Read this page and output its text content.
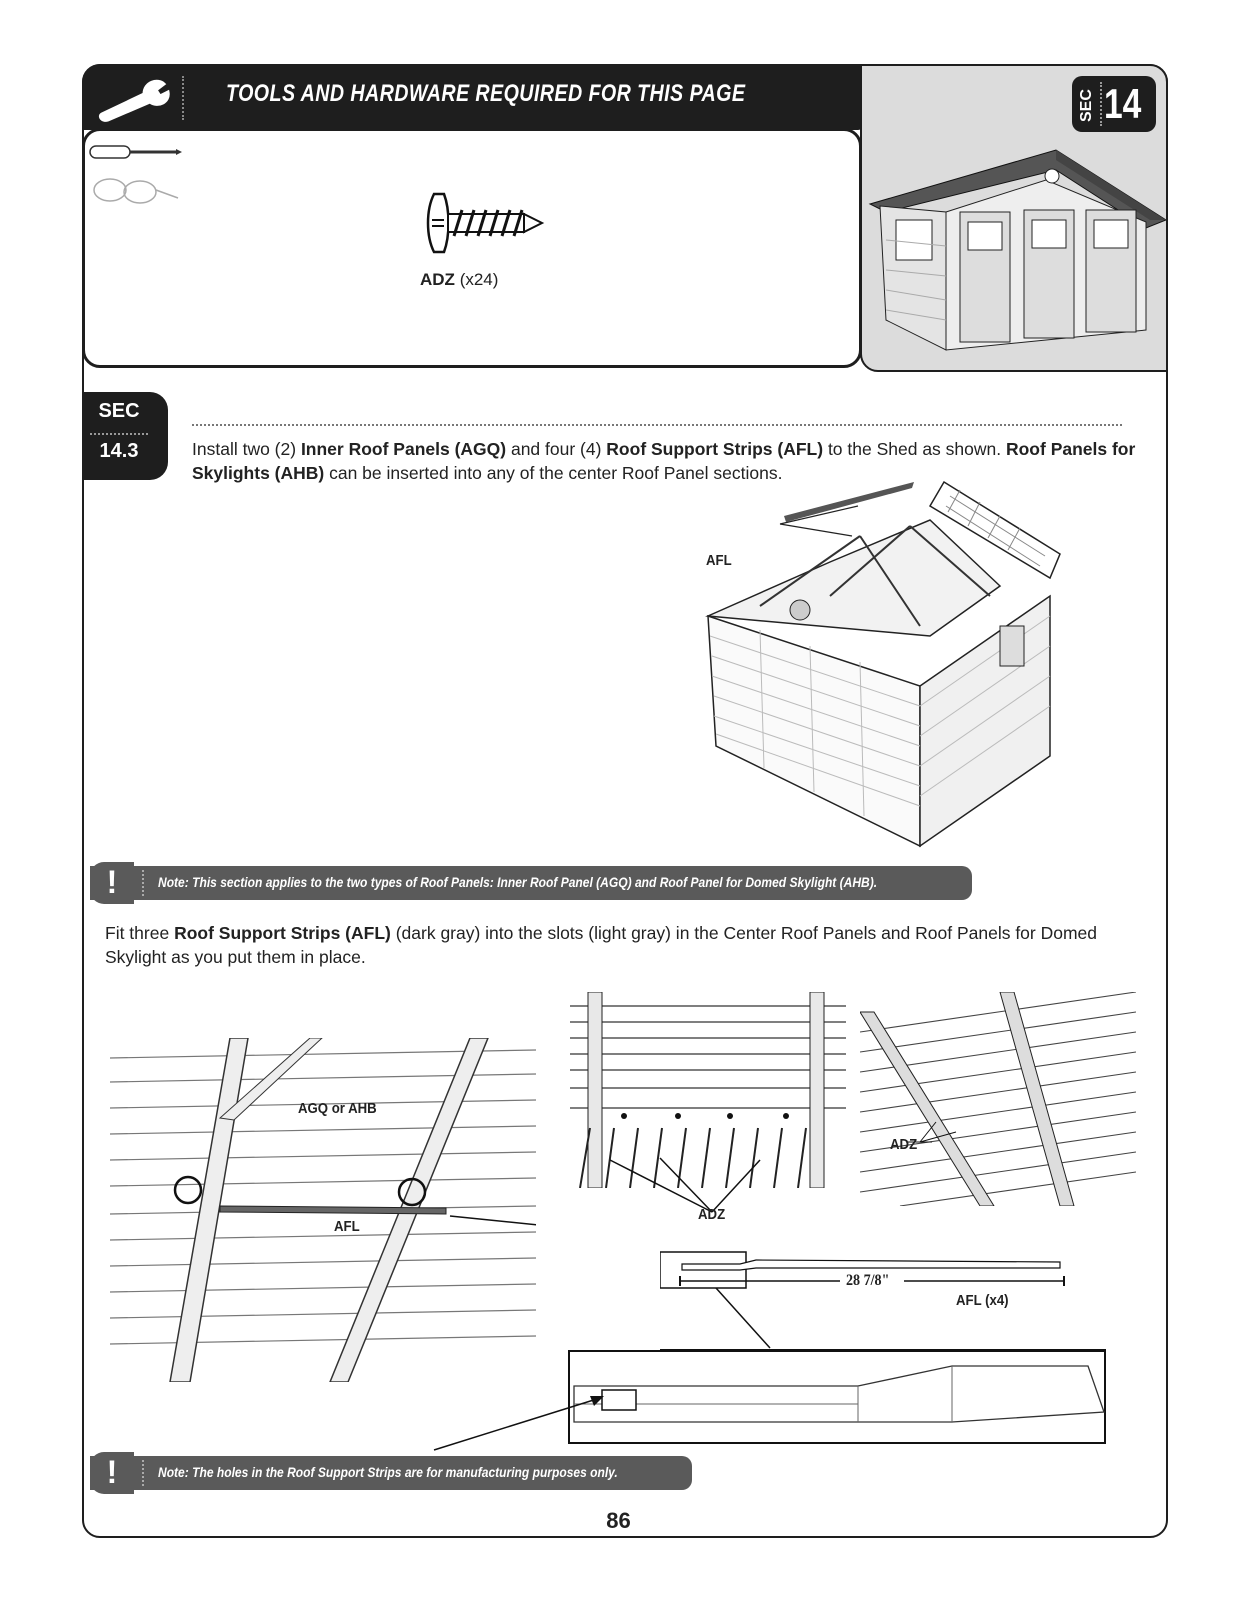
TOOLS AND HARDWARE REQUIRED FOR THIS PAGE
ADZ (x24)
SEC 14
SEC
14.3	Install two (2) Inner Roof Panels (AGQ) and four (4) Roof Support Strips (AFL) to the Shed as shown. Roof Panels for Skylights (AHB) can be inserted into any of the center Roof Panel sections.
AFL
!	Note: This section applies to the two types of Roof Panels: Inner Roof Panel (AGQ) and Roof Panel for Domed Skylight (AHB).
Fit three Roof Support Strips (AFL) (dark gray) into the slots (light gray) in the Center Roof Panels and Roof Panels for Domed Skylight as you put them in place.
AGQ or AHB
AFL
ADZ
ADZ
28 7/8"
AFL (x4)
!	Note: The holes in the Roof Support Strips are for manufacturing purposes only.
86
